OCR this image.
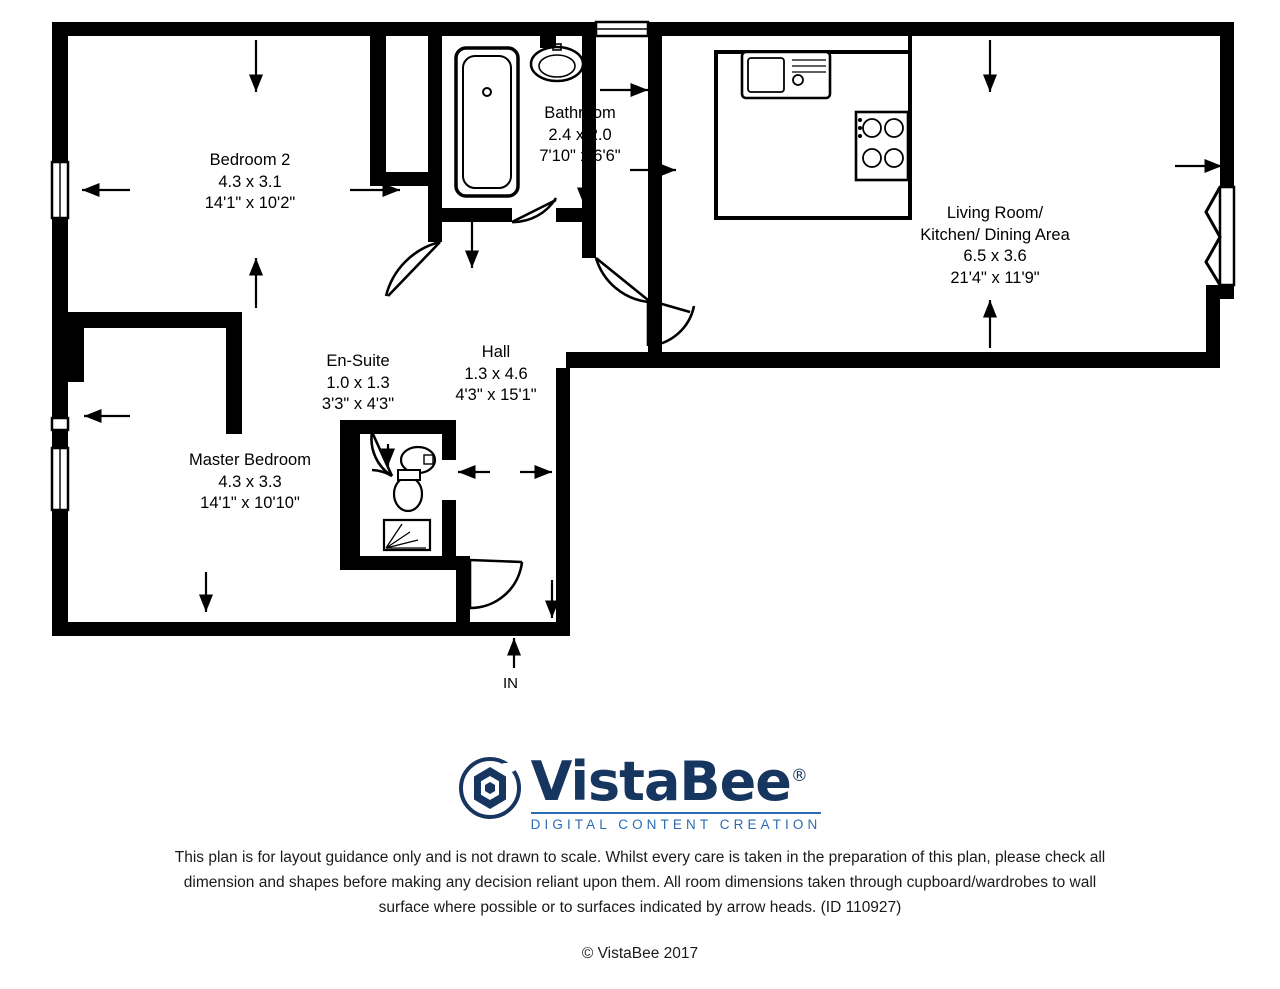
Bedroom 2
4.3 x 3.1
14'1" x 10'2"
Bathroom
2.4 x 2.0
7'10" x 6'6"
Living Room/
Kitchen/ Dining Area
6.5 x 3.6
21'4" x 11'9"
En-Suite
1.0 x 1.3
3'3" x 4'3"
Hall
1.3 x 4.6
4'3" x 15'1"
Master Bedroom
4.3 x 3.3
14'1" x 10'10"
IN
VistaBee®
DIGITAL CONTENT CREATION
This plan is for layout guidance only and is not drawn to scale. Whilst every care is taken in the preparation of this plan, please check all dimension and shapes before making any decision reliant upon them. All room dimensions taken through cupboard/wardrobes to wall surface where possible or to surfaces indicated by arrow heads. (ID 110927)
© VistaBee 2017
